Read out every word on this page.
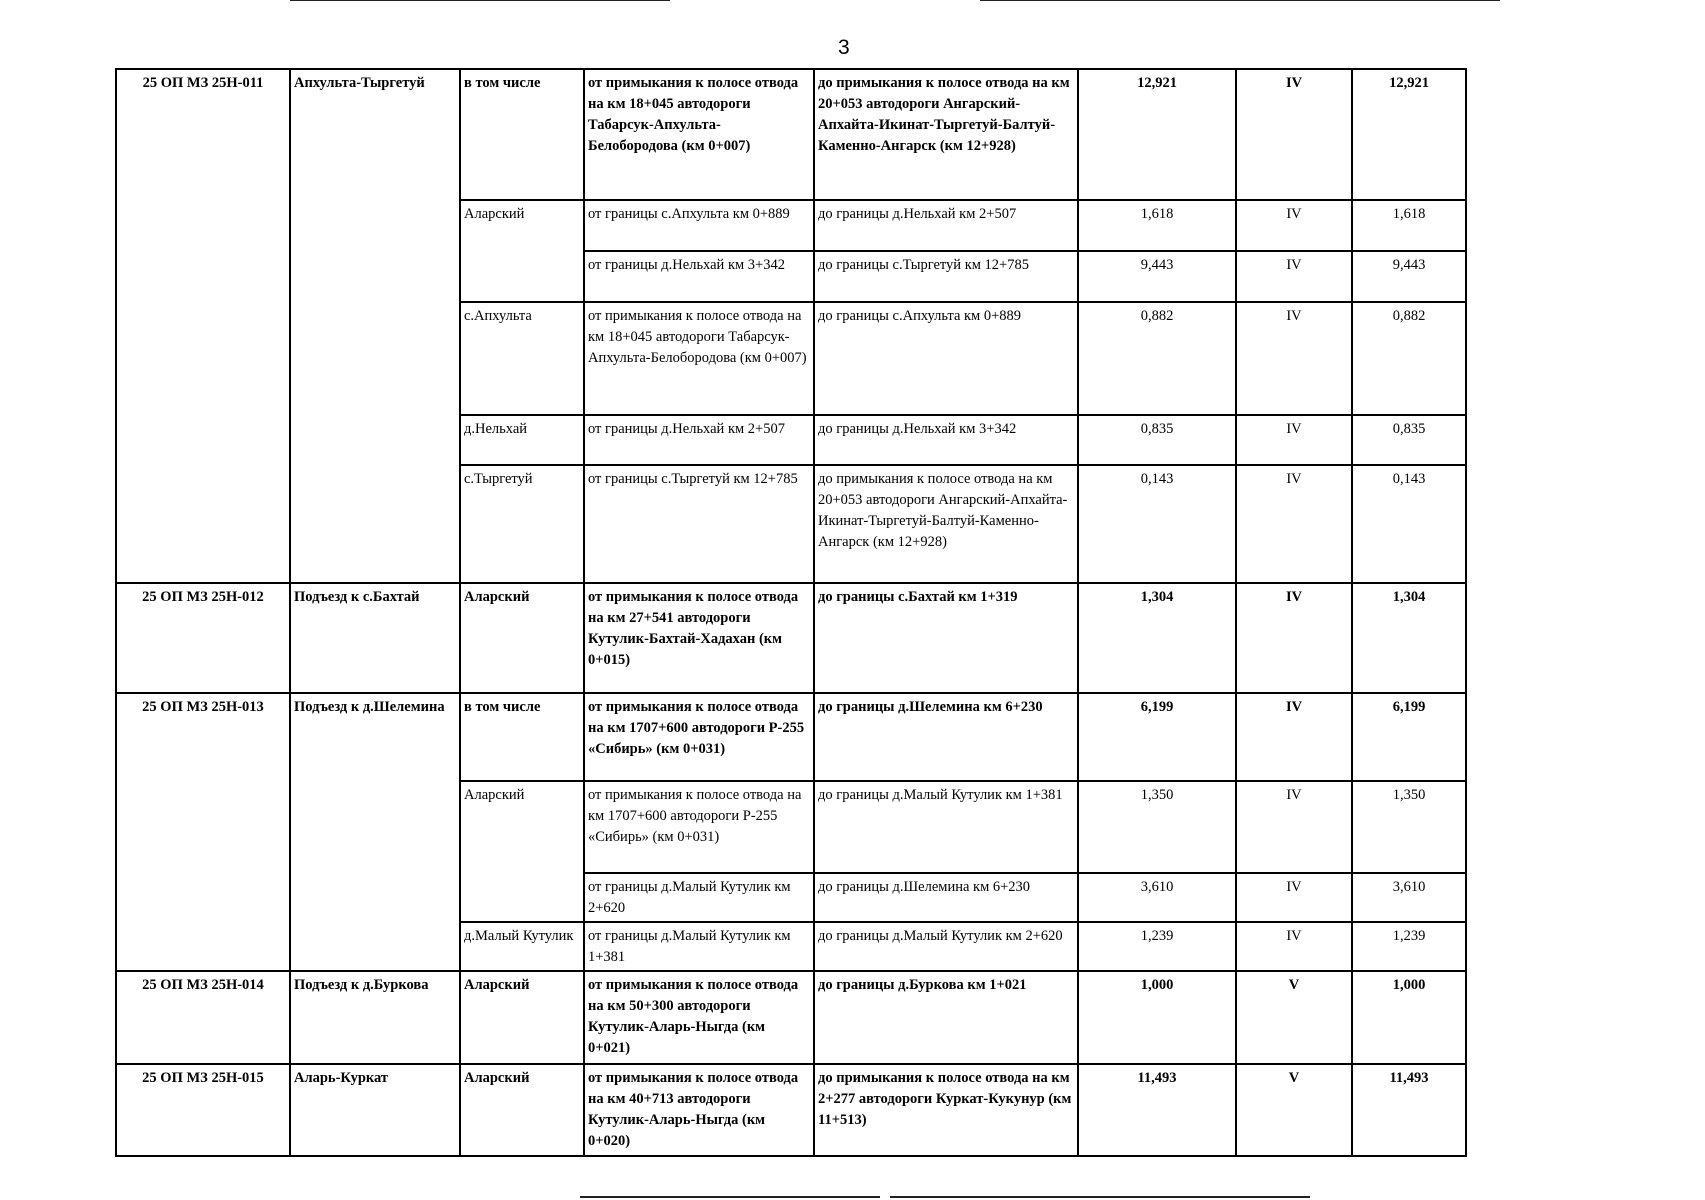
3
25 ОП МЗ 25Н-011	Апхульта-Тыргетуй	в том числе	от примыкания к полосе отвода на км 18+045 автодороги Табарсук-Апхульта-Белобородова (км 0+007)	до примыкания к полосе отвода на км 20+053 автодороги Ангарский-Апхайта-Икинат-Тыргетуй-Балтуй-Каменно-Ангарск (км 12+928)	12,921	IV	12,921
		Аларский	от границы с.Апхульта км 0+889	до границы д.Нельхай км 2+507	1,618	IV	1,618
			от границы д.Нельхай км 3+342	до границы с.Тыргетуй км 12+785	9,443	IV	9,443
		с.Апхульта	от примыкания к полосе отвода на км 18+045 автодороги Табарсук-Апхульта-Белобородова (км 0+007)	до границы с.Апхульта км 0+889	0,882	IV	0,882
		д.Нельхай	от границы д.Нельхай км 2+507	до границы д.Нельхай км 3+342	0,835	IV	0,835
		с.Тыргетуй	от границы с.Тыргетуй км 12+785	до примыкания к полосе отвода на км 20+053 автодороги Ангарский-Апхайта-Икинат-Тыргетуй-Балтуй-Каменно-Ангарск (км 12+928)	0,143	IV	0,143
25 ОП МЗ 25Н-012	Подъезд к с.Бахтай	Аларский	от примыкания к полосе отвода на км 27+541 автодороги Кутулик-Бахтай-Хадахан (км 0+015)	до границы с.Бахтай км 1+319	1,304	IV	1,304
25 ОП МЗ 25Н-013	Подъезд к д.Шелемина	в том числе	от примыкания к полосе отвода на км 1707+600 автодороги Р-255 «Сибирь» (км 0+031)	до границы д.Шелемина км 6+230	6,199	IV	6,199
		Аларский	от примыкания к полосе отвода на км 1707+600 автодороги Р-255 «Сибирь» (км 0+031)	до границы д.Малый Кутулик км 1+381	1,350	IV	1,350
			от границы д.Малый Кутулик км 2+620	до границы д.Шелемина км 6+230	3,610	IV	3,610
		д.Малый Кутулик	от границы д.Малый Кутулик км 1+381	до границы д.Малый Кутулик км 2+620	1,239	IV	1,239
25 ОП МЗ 25Н-014	Подъезд к д.Буркова	Аларский	от примыкания к полосе отвода на км 50+300 автодороги Кутулик-Аларь-Ныгда (км 0+021)	до границы д.Буркова км 1+021	1,000	V	1,000
25 ОП МЗ 25Н-015	Аларь-Куркат	Аларский	от примыкания к полосе отвода на км 40+713 автодороги Кутулик-Аларь-Ныгда (км 0+020)	до примыкания к полосе отвода на км 2+277 автодороги Куркат-Кукунур (км 11+513)	11,493	V	11,493
